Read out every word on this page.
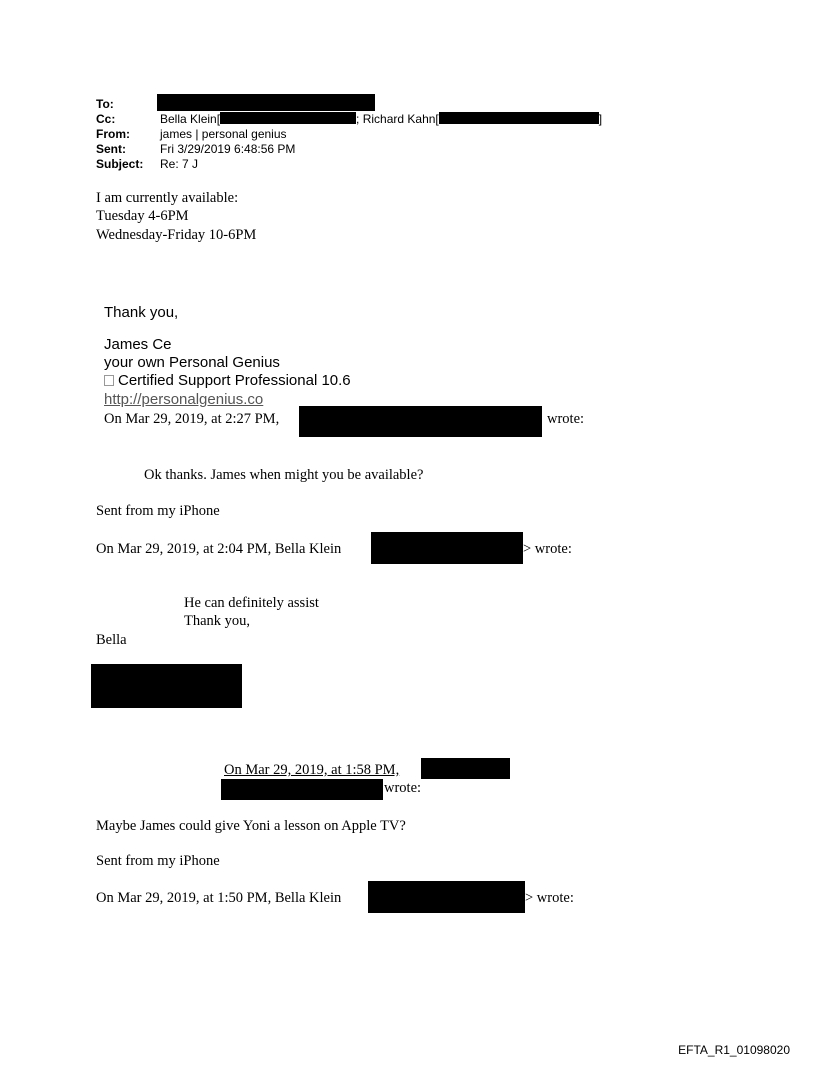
To:
Cc:	Bella Klein[	; Richard Kahn[	]
From:	james | personal genius
Sent:	Fri 3/29/2019 6:48:56 PM
Subject: Re: 7 J
I am currently available:
Tuesday 4-6PM
Wednesday-Friday 10-6PM
Thank you,
James Ce
your own Personal Genius
Certified Support Professional 10.6
http://personalgenius.co
On Mar 29, 2019, at 2:27 PM,	wrote:
Ok thanks. James when might you be available?
Sent from my iPhone
On Mar 29, 2019, at 2:04 PM, Bella Klein	> wrote:
He can definitely assist
Thank you,
Bella
On Mar 29, 2019, at 1:58 PM,
wrote:
Maybe James could give Yoni a lesson on Apple TV?
Sent from my iPhone
On Mar 29, 2019, at 1:50 PM, Bella Klein	> wrote:
EFTA_R1_01098020
